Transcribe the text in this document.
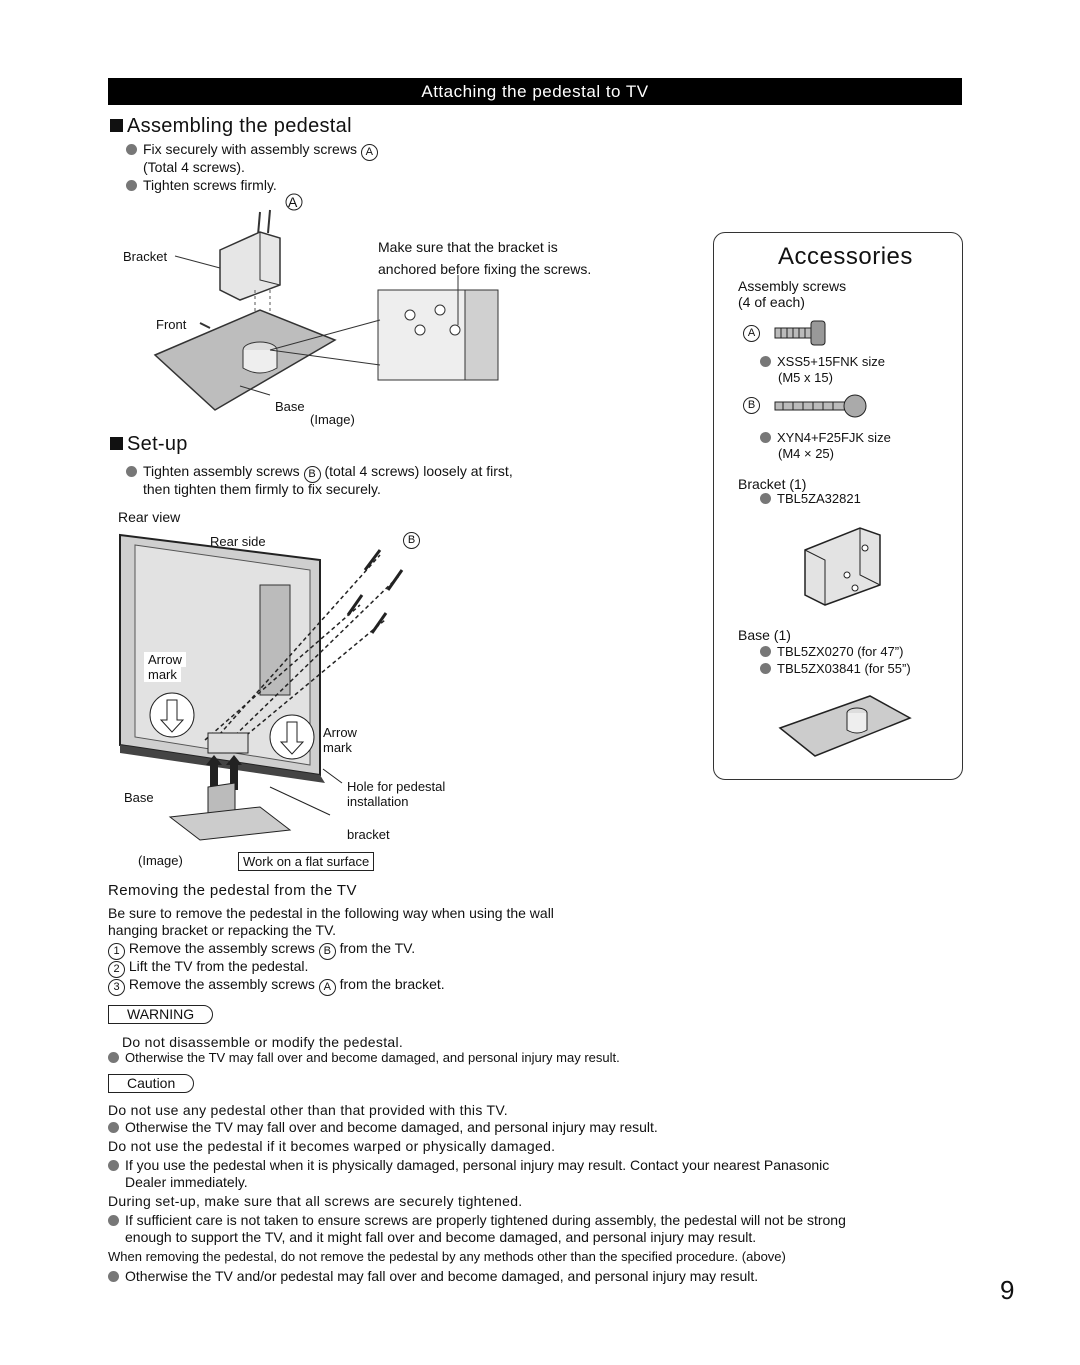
Attaching the pedestal to TV
Assembling the pedestal
Fix securely with assembly screws A
(Total 4 screws).
Tighten screws firmly.
A
Bracket
Front
Base
(Image)
Make sure that the bracket is
anchored before fixing the screws.
Set-up
Tighten assembly screws B (total 4 screws) loosely at first,
then tighten them firmly to fix securely.
Rear view
Rear side	B
Arrow
mark
Arrow
mark
Hole for pedestal
installation
bracket
Base
(Image)	Work on a flat surface
Removing the pedestal from the TV
Be sure to remove the pedestal in the following way when using the wall
hanging bracket or repacking the TV.
1 Remove the assembly screws B from the TV.
2 Lift the TV from the pedestal.
3 Remove the assembly screws A from the bracket.
WARNING
Do not disassemble or modify the pedestal.
Otherwise the TV may fall over and become damaged, and personal injury may result.
Caution
Do not use any pedestal other than that provided with this TV.
Otherwise the TV may fall over and become damaged, and personal injury may result.
Do not use the pedestal if it becomes warped or physically damaged.
If you use the pedestal when it is physically damaged, personal injury may result. Contact your nearest Panasonic
Dealer immediately.
During set-up, make sure that all screws are securely tightened.
If sufficient care is not taken to ensure screws are properly tightened during assembly, the pedestal will not be strong
enough to support the TV, and it might fall over and become damaged, and personal injury may result.
When removing the pedestal, do not remove the pedestal by any methods other than the specified procedure. (above)
Otherwise the TV and/or pedestal may fall over and become damaged, and personal injury may result.
Accessories
Assembly screws
(4 of each)
A
XSS5+15FNK size
(M5 x 15)
B
XYN4+F25FJK size
(M4 × 25)
Bracket (1)
TBL5ZA32821
Base (1)
TBL5ZX0270 (for 47”)
TBL5ZX03841 (for 55”)
9
